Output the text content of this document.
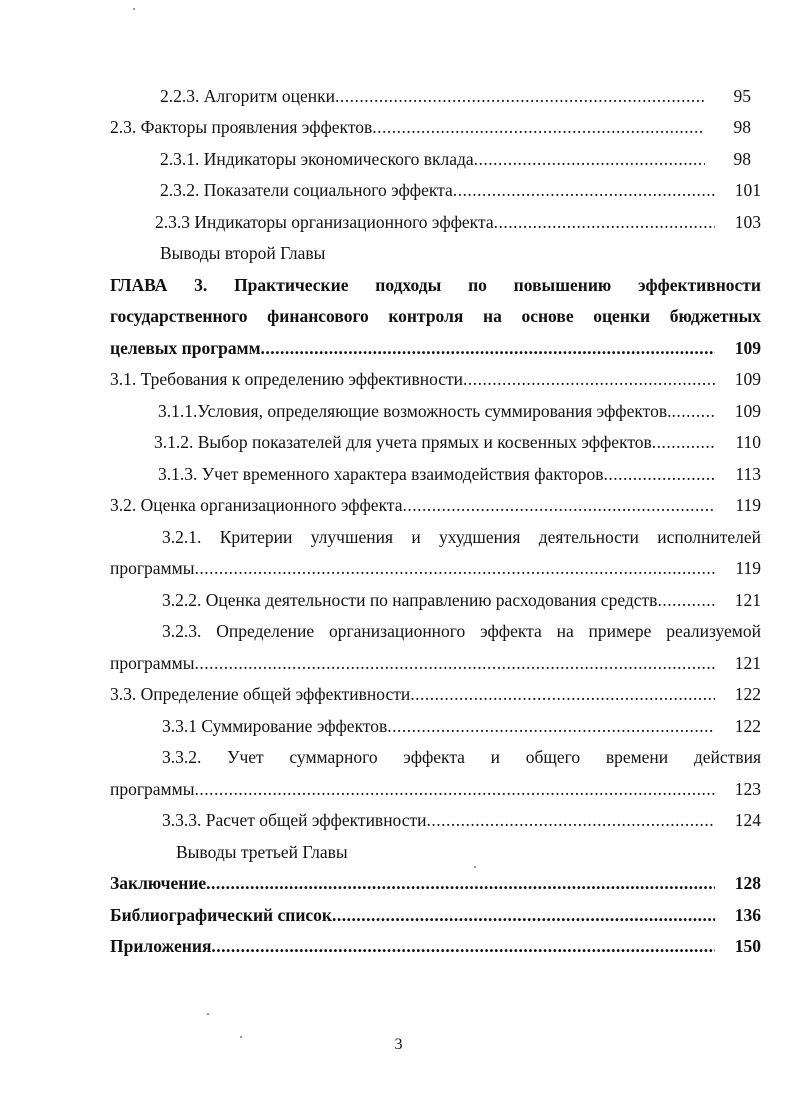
2.2.3. Алгоритм оценки .....	95
2.3. Факторы проявления эффектов .....	98
2.3.1. Индикаторы экономического вклада .....	98
2.3.2. Показатели социального эффекта .....	101
2.3.3 Индикаторы организационного эффекта .....	103
Выводы второй Главы
ГЛАВА 3. Практические подходы по повышению эффективности
государственного финансового контроля на основе оценки бюджетных
целевых программ .....	109
3.1. Требования к определению эффективности .....	109
3.1.1.Условия, определяющие возможность суммирования эффектов. .....	109
3.1.2. Выбор показателей для учета прямых и косвенных эффектов .....	110
3.1.3. Учет временного характера взаимодействия факторов .....	113
3.2. Оценка организационного эффекта .....	119
3.2.1. Критерии улучшения и ухудшения деятельности исполнителей
программы .....	119
3.2.2. Оценка деятельности по направлению расходования средств .....	121
3.2.3. Определение организационного эффекта на примере реализуемой
программы .....	121
3.3. Определение общей эффективности .....	122
3.3.1 Суммирование эффектов .....	122
3.3.2. Учет суммарного эффекта и общего времени действия
программы .....	123
3.3.3. Расчет общей эффективности .....	124
Выводы третьей Главы
Заключение .....	128
Библиографический список .....	136
Приложения .....	150
3
